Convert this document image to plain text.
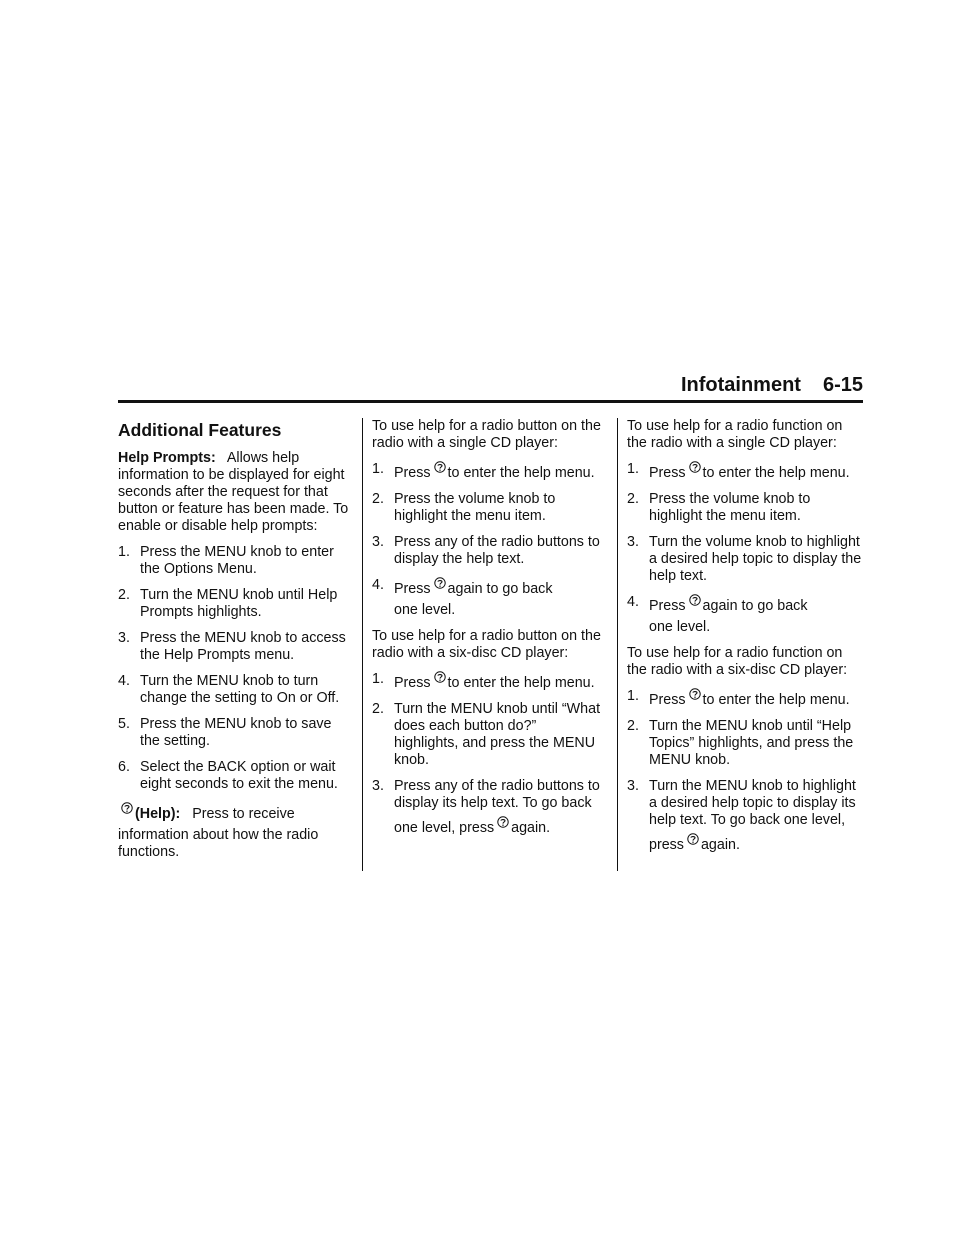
Infotainment 6-15
Additional Features

Help Prompts: Allows help information to be displayed for eight seconds after the request for that button or feature has been made. To enable or disable help prompts:

1. Press the MENU knob to enter the Options Menu.
2. Turn the MENU knob until Help Prompts highlights.
3. Press the MENU knob to access the Help Prompts menu.
4. Turn the MENU knob to turn change the setting to On or Off.
5. Press the MENU knob to save the setting.
6. Select the BACK option or wait eight seconds to exit the menu.

(Help): Press to receive
information about how the radio functions.

To use help for a radio button on the radio with a single CD player:

1. Press to enter the help menu.
2. Press the volume knob to highlight the menu item.
3. Press any of the radio buttons to display the help text.
4. Press again to go back
one level.

To use help for a radio button on the radio with a six-disc CD player:

1. Press to enter the help menu.
2. Turn the MENU knob until “What does each button do?” highlights, and press the MENU knob.
3. Press any of the radio buttons to display its help text. To go back
one level, press again.

To use help for a radio function on the radio with a single CD player:

1. Press to enter the help menu.
2. Press the volume knob to highlight the menu item.
3. Turn the volume knob to highlight a desired help topic to display the help text.
4. Press again to go back
one level.

To use help for a radio function on the radio with a six-disc CD player:

1. Press to enter the help menu.
2. Turn the MENU knob until “Help Topics” highlights, and press the MENU knob.
3. Turn the MENU knob to highlight a desired help topic to display its help text. To go back one level,
press again.
